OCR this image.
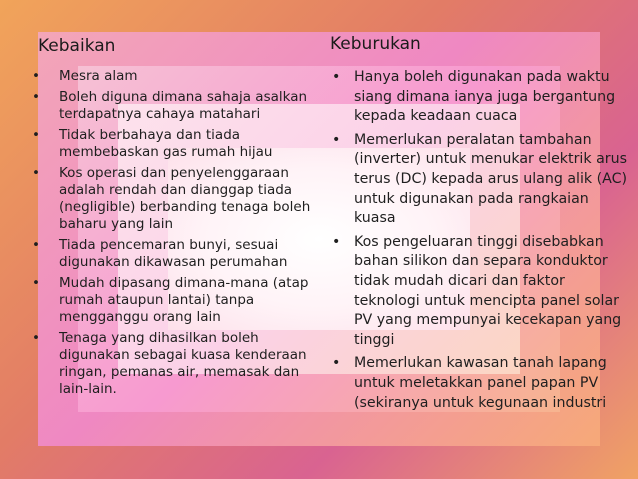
Kebaikan
• Mesra alam
• Boleh diguna dimana sahaja asalkan terdapatnya cahaya matahari
• Tidak berbahaya dan tiada membebaskan gas rumah hijau
• Kos operasi dan penyelenggaraan adalah rendah dan dianggap tiada (negligible) berbanding tenaga boleh baharu yang lain
• Tiada pencemaran bunyi, sesuai digunakan dikawasan perumahan
• Mudah dipasang dimana-mana (atap rumah ataupun lantai) tanpa mengganggu orang lain
• Tenaga yang dihasilkan boleh digunakan sebagai kuasa kenderaan ringan, pemanas air, memasak dan lain-lain.
Keburukan
• Hanya boleh digunakan pada waktu siang dimana ianya juga bergantung kepada keadaan cuaca
• Memerlukan peralatan tambahan (inverter) untuk menukar elektrik arus terus (DC) kepada arus ulang alik (AC) untuk digunakan pada rangkaian kuasa
• Kos pengeluaran tinggi disebabkan bahan silikon dan separa konduktor tidak mudah dicari dan faktor teknologi untuk mencipta panel solar PV yang mempunyai kecekapan yang tinggi
• Memerlukan kawasan tanah lapang untuk meletakkan panel papan PV (sekiranya untuk kegunaan industri
